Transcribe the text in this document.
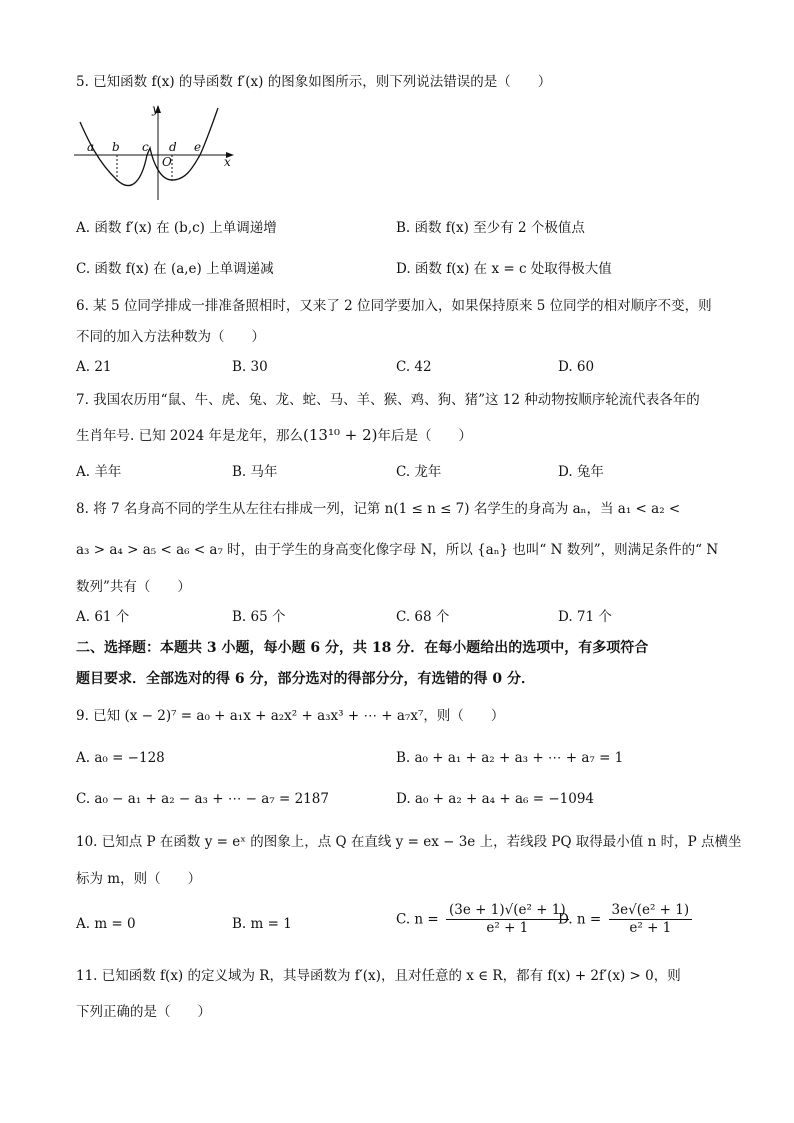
5. 已知函数 f(x) 的导函数 f′(x) 的图象如图所示，则下列说法错误的是（　　）
y
x
a b c d
O
e
A. 函数 f′(x) 在 (b,c) 上单调递增	B. 函数 f(x) 至少有 2 个极值点
C. 函数 f(x) 在 (a,e) 上单调递减	D. 函数 f(x) 在 x = c 处取得极大值
6. 某 5 位同学排成一排准备照相时，又来了 2 位同学要加入，如果保持原来 5 位同学的相对顺序不变，则
不同的加入方法种数为（　　）
A. 21	B. 30	C. 42	D. 60
7. 我国农历用“鼠、牛、虎、兔、龙、蛇、马、羊、猴、鸡、狗、猪”这 12 种动物按顺序轮流代表各年的
生肖年号. 已知 2024 年是龙年，那么(13¹⁰ + 2)年后是（　　）
A. 羊年	B. 马年	C. 龙年	D. 兔年
8. 将 7 名身高不同的学生从左往右排成一列，记第 n(1 ≤ n ≤ 7) 名学生的身高为 aₙ，当 a₁ < a₂ <
a₃ > a₄ > a₅ < a₆ < a₇ 时，由于学生的身高变化像字母 N，所以 {aₙ} 也叫“ N 数列”，则满足条件的“ N
数列”共有（　　）
A. 61 个	B. 65 个	C. 68 个	D. 71 个
二、选择题：本题共 3 小题，每小题 6 分，共 18 分．在每小题给出的选项中，有多项符合
题目要求．全部选对的得 6 分，部分选对的得部分分，有选错的得 0 分．
9. 已知 (x − 2)⁷ = a₀ + a₁x + a₂x² + a₃x³ + ⋯ + a₇x⁷，则（　　）
A. a₀ = −128	B. a₀ + a₁ + a₂ + a₃ + ⋯ + a₇ = 1
C. a₀ − a₁ + a₂ − a₃ + ⋯ − a₇ = 2187	D. a₀ + a₂ + a₄ + a₆ = −1094
10. 已知点 P 在函数 y = eˣ 的图象上，点 Q 在直线 y = ex − 3e 上，若线段 PQ 取得最小值 n 时，P 点横坐
标为 m，则（　　）
A. m = 0	B. m = 1	C. $n = \frac{\text{(3e + 1)√(e² + 1)}}{\text{e² + 1}}$
D. $n = \frac{\text{3e√(e² + 1)}}{\text{e² + 1}}$
11. 已知函数 f(x) 的定义域为 R，其导函数为 f′(x)，且对任意的 x ∈ R，都有 f(x) + 2f′(x) > 0，则
下列正确的是（　　）
